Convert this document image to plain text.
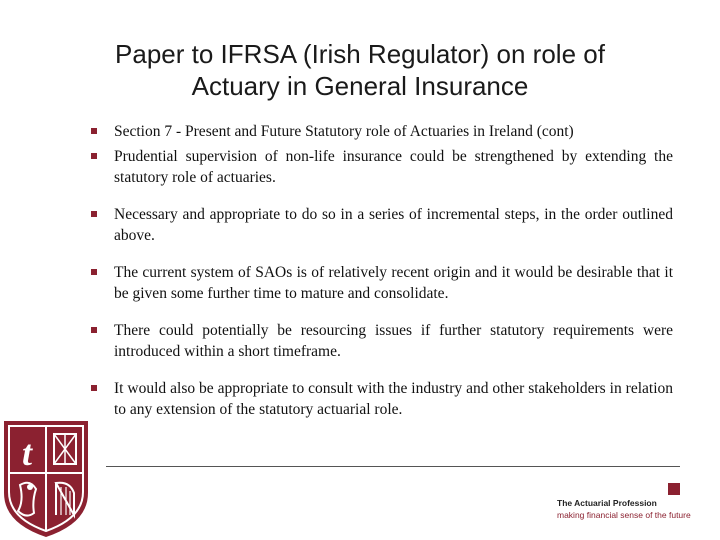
Paper to IFRSA (Irish Regulator) on role of
Actuary in General Insurance
Section 7 - Present and Future Statutory role of Actuaries in Ireland (cont)
Prudential supervision of non-life insurance could be strengthened by extending the statutory role of actuaries.
Necessary and appropriate to do so in a series of incremental steps, in the order outlined above.
The current system of SAOs is of relatively recent origin and it would be desirable that it be given some further time to mature and consolidate.
There could potentially be resourcing issues if further statutory requirements were introduced within a short timeframe.
It would also be appropriate to consult with the industry and other stakeholders in relation to any extension of the statutory actuarial role.
t
The Actuarial Profession
making financial sense of the future
